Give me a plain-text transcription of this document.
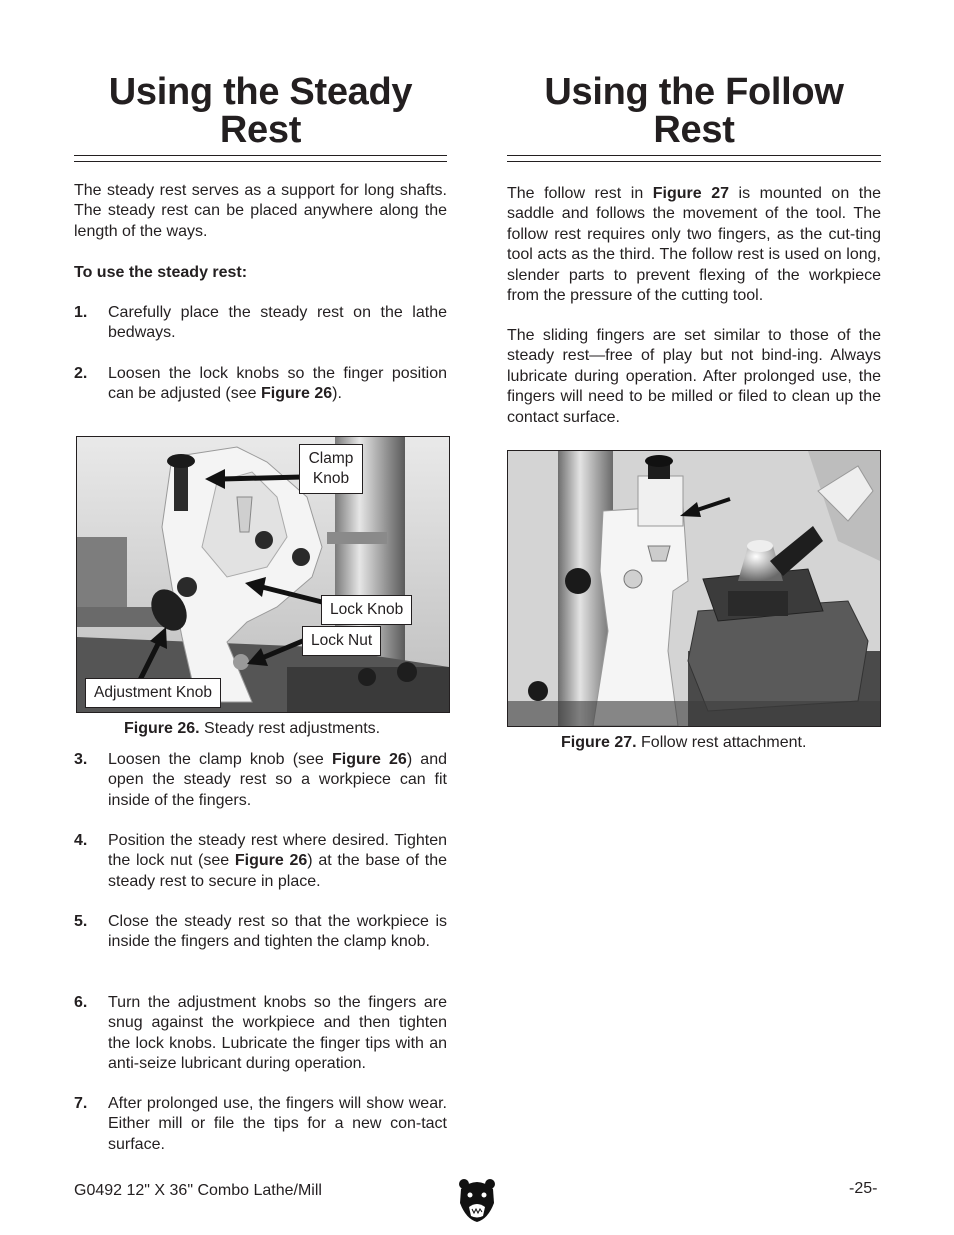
Using the Steady
Rest

The steady rest serves as a support for long shafts. The steady rest can be placed anywhere along the length of the ways.

To use the steady rest:

1. Carefully place the steady rest on the lathe bedways.
2. Loosen the lock knobs so the finger position can be adjusted (see Figure 26).
Clamp
Knob
Lock Knob
Lock Nut
Adjustment Knob
Figure 26. Steady rest adjustments.
3. Loosen the clamp knob (see Figure 26) and open the steady rest so a workpiece can fit inside of the fingers.
4. Position the steady rest where desired. Tighten the lock nut (see Figure 26) at the base of the steady rest to secure in place.
5. Close the steady rest so that the workpiece is inside the fingers and tighten the clamp knob.
6. Turn the adjustment knobs so the fingers are snug against the workpiece and then tighten the lock knobs. Lubricate the finger tips with an anti-seize lubricant during operation.
7. After prolonged use, the fingers will show wear. Either mill or file the tips for a new con-tact surface.
Using the Follow
Rest

The follow rest in Figure 27 is mounted on the saddle and follows the movement of the tool. The follow rest requires only two fingers, as the cut-ting tool acts as the third. The follow rest is used on long, slender parts to prevent flexing of the workpiece from the pressure of the cutting tool.

The sliding fingers are set similar to those of the steady rest—free of play but not bind-ing. Always lubricate during operation. After prolonged use, the fingers will need to be milled or filed to clean up the contact surface.

Figure 27. Follow rest attachment.
G0492 12" X 36" Combo Lathe/Mill	-25-
